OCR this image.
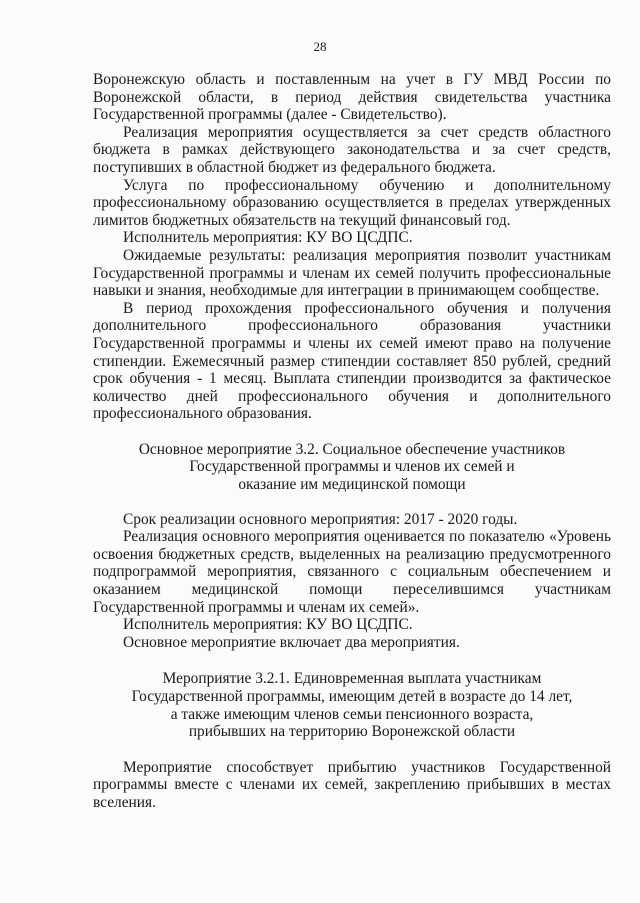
28

Воронежскую область и поставленным на учет в ГУ МВД России по Воронежской области, в период действия свидетельства участника Государственной программы (далее - Свидетельство).

Реализация мероприятия осуществляется за счет средств областного бюджета в рамках действующего законодательства и за счет средств, поступивших в областной бюджет из федерального бюджета.

Услуга по профессиональному обучению и дополнительному профессиональному образованию осуществляется в пределах утвержденных лимитов бюджетных обязательств на текущий финансовый год.

Исполнитель мероприятия: КУ ВО ЦСДПС.

Ожидаемые результаты: реализация мероприятия позволит участникам Государственной программы и членам их семей получить профессиональные навыки и знания, необходимые для интеграции в принимающем сообществе.

В период прохождения профессионального обучения и получения дополнительного профессионального образования участники Государственной программы и члены их семей имеют право на получение стипендии. Ежемесячный размер стипендии составляет 850 рублей, средний срок обучения - 1 месяц. Выплата стипендии производится за фактическое количество дней профессионального обучения и дополнительного профессионального образования.

Основное мероприятие 3.2. Социальное обеспечение участников
Государственной программы и членов их семей и
оказание им медицинской помощи

Срок реализации основного мероприятия: 2017 - 2020 годы.

Реализация основного мероприятия оценивается по показателю «Уровень освоения бюджетных средств, выделенных на реализацию предусмотренного подпрограммой мероприятия, связанного с социальным обеспечением и оказанием медицинской помощи переселившимся участникам Государственной программы и членам их семей».

Исполнитель мероприятия: КУ ВО ЦСДПС.

Основное мероприятие включает два мероприятия.

Мероприятие 3.2.1. Единовременная выплата участникам
Государственной программы, имеющим детей в возрасте до 14 лет,
а также имеющим членов семьи пенсионного возраста,
прибывших на территорию Воронежской области

Мероприятие способствует прибытию участников Государственной программы вместе с членами их семей, закреплению прибывших в местах вселения.
